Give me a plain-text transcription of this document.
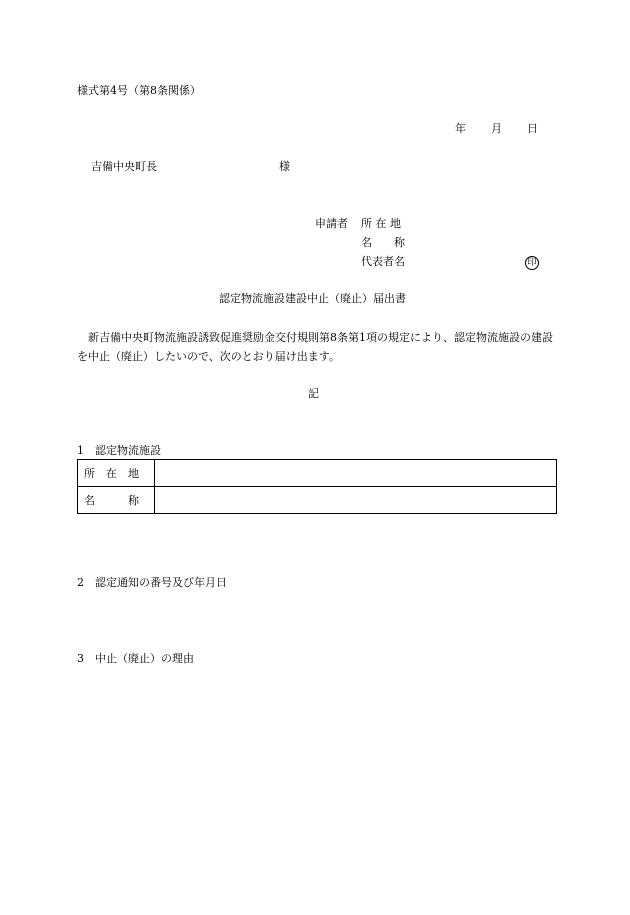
様式第4号（第8条関係）
年 月 日
吉備中央町長	様
申請者 所 在 地
名　　称
代表者名	印
認定物流施設建設中止（廃止）届出書
　新吉備中央町物流施設誘致促進奨励金交付規則第8条第1項の規定により、認定物流施設の建設を中止（廃止）したいので、次のとおり届け出ます。
記
1　認定物流施設
所　在　地	
名　　　称	
2　認定通知の番号及び年月日
3　中止（廃止）の理由
